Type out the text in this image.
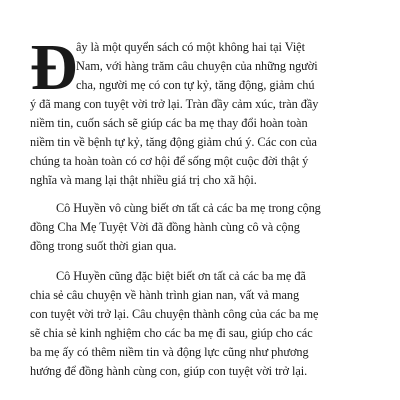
Đ
ây là một quyển sách có một không hai tại Việt
Nam, với hàng trăm câu chuyện của những người
cha, người mẹ có con tự kỷ, tăng động, giảm chú
ý đã mang con tuyệt vời trở lại. Tràn đầy cảm xúc, tràn đầy
niềm tin, cuốn sách sẽ giúp các ba mẹ thay đổi hoàn toàn
niềm tin về bệnh tự kỷ, tăng động giảm chú ý. Các con của
chúng ta hoàn toàn có cơ hội để sống một cuộc đời thật ý
nghĩa và mang lại thật nhiều giá trị cho xã hội.
Cô Huyền vô cùng biết ơn tất cả các ba mẹ trong cộng
đồng Cha Mẹ Tuyệt Vời đã đồng hành cùng cô và cộng
đồng trong suốt thời gian qua.
Cô Huyền cũng đặc biệt biết ơn tất cả các ba mẹ đã
chia sẻ câu chuyện về hành trình gian nan, vất vả mang
con tuyệt vời trở lại. Câu chuyện thành công của các ba mẹ
sẽ chia sẻ kinh nghiệm cho các ba mẹ đi sau, giúp cho các
ba mẹ ấy có thêm niềm tin và động lực cũng như phương
hướng để đồng hành cùng con, giúp con tuyệt vời trở lại.
